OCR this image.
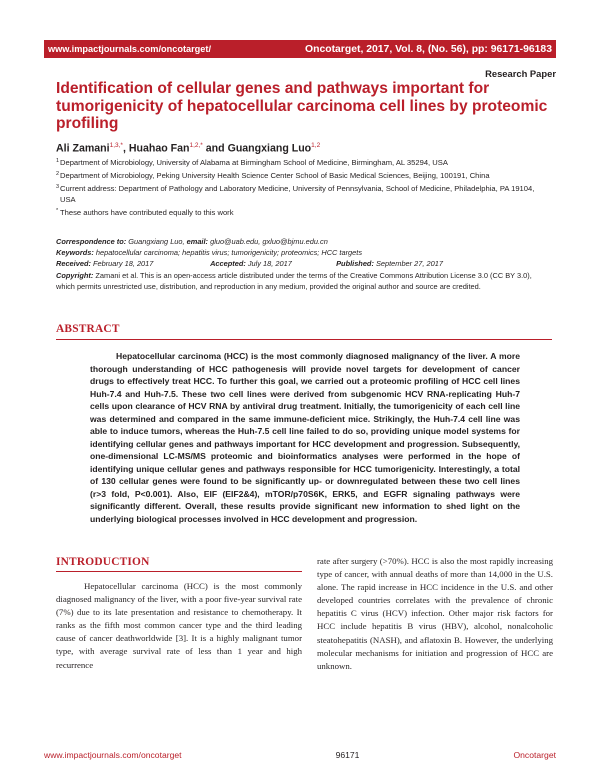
www.impactjournals.com/oncotarget/	Oncotarget, 2017, Vol. 8, (No. 56), pp: 96171-96183
Research Paper
Identification of cellular genes and pathways important for tumorigenicity of hepatocellular carcinoma cell lines by proteomic profiling
Ali Zamani$^{1,3,*}$, Huahao Fan$^{1,2,*}$ and Guangxiang Luo$^{1,2}$
1 Department of Microbiology, University of Alabama at Birmingham School of Medicine, Birmingham, AL 35294, USA
2 Department of Microbiology, Peking University Health Science Center School of Basic Medical Sciences, Beijing, 100191, China
3 Current address: Department of Pathology and Laboratory Medicine, University of Pennsylvania, School of Medicine, Philadelphia, PA 19104, USA
* These authors have contributed equally to this work
Correspondence to: Guangxiang Luo, email: gluo@uab.edu, gxluo@bjmu.edu.cn
Keywords: hepatocellular carcinoma; hepatitis virus; tumorigenicity; proteomics; HCC targets
Received: February 18, 2017	Accepted: July 18, 2017	Published: September 27, 2017
Copyright: Zamani et al. This is an open-access article distributed under the terms of the Creative Commons Attribution License 3.0 (CC BY 3.0), which permits unrestricted use, distribution, and reproduction in any medium, provided the original author and source are credited.
ABSTRACT
Hepatocellular carcinoma (HCC) is the most commonly diagnosed malignancy of the liver. A more thorough understanding of HCC pathogenesis will provide novel targets for development of cancer drugs to effectively treat HCC. To further this goal, we carried out a proteomic profiling of HCC cell lines Huh-7.4 and Huh-7.5. These two cell lines were derived from subgenomic HCV RNA-replicating Huh-7 cells upon clearance of HCV RNA by antiviral drug treatment. Initially, the tumorigenicity of each cell line was determined and compared in the same immune-deficient mice. Strikingly, the Huh-7.4 cell line was able to induce tumors, whereas the Huh-7.5 cell line failed to do so, providing unique model systems for identifying cellular genes and pathways important for HCC development and progression. Subsequently, one-dimensional LC-MS/MS proteomic and bioinformatics analyses were performed in the hope of identifying unique cellular genes and pathways responsible for HCC tumorigenicity. Interestingly, a total of 130 cellular genes were found to be significantly up- or downregulated between these two cell lines (r>3 fold, P<0.001). Also, EIF (EIF2&4), mTOR/p70S6K, ERK5, and EGFR signaling pathways were significantly different. Overall, these results provide significant new information to shed light on the underlying biological processes involved in HCC development and progression.
INTRODUCTION
Hepatocellular carcinoma (HCC) is the most commonly diagnosed malignancy of the liver, with a poor five-year survival rate (7%) due to its late presentation and resistance to chemotherapy. It ranks as the fifth most common cancer type and the third leading cause of cancer deathworldwide [3]. It is a highly malignant tumor type, with average survival rate of less than 1 year and high recurrence
rate after surgery (>70%). HCC is also the most rapidly increasing type of cancer, with annual deaths of more than 14,000 in the U.S. alone. The rapid increase in HCC incidence in the U.S. and other developed countries correlates with the prevalence of chronic hepatitis C virus (HCV) infection. Other major risk factors for HCC include hepatitis B virus (HBV), alcohol, nonalcoholic steatohepatitis (NASH), and aflatoxin B. However, the underlying molecular mechanisms for initiation and progression of HCC are unknown.
www.impactjournals.com/oncotarget	96171	Oncotarget
